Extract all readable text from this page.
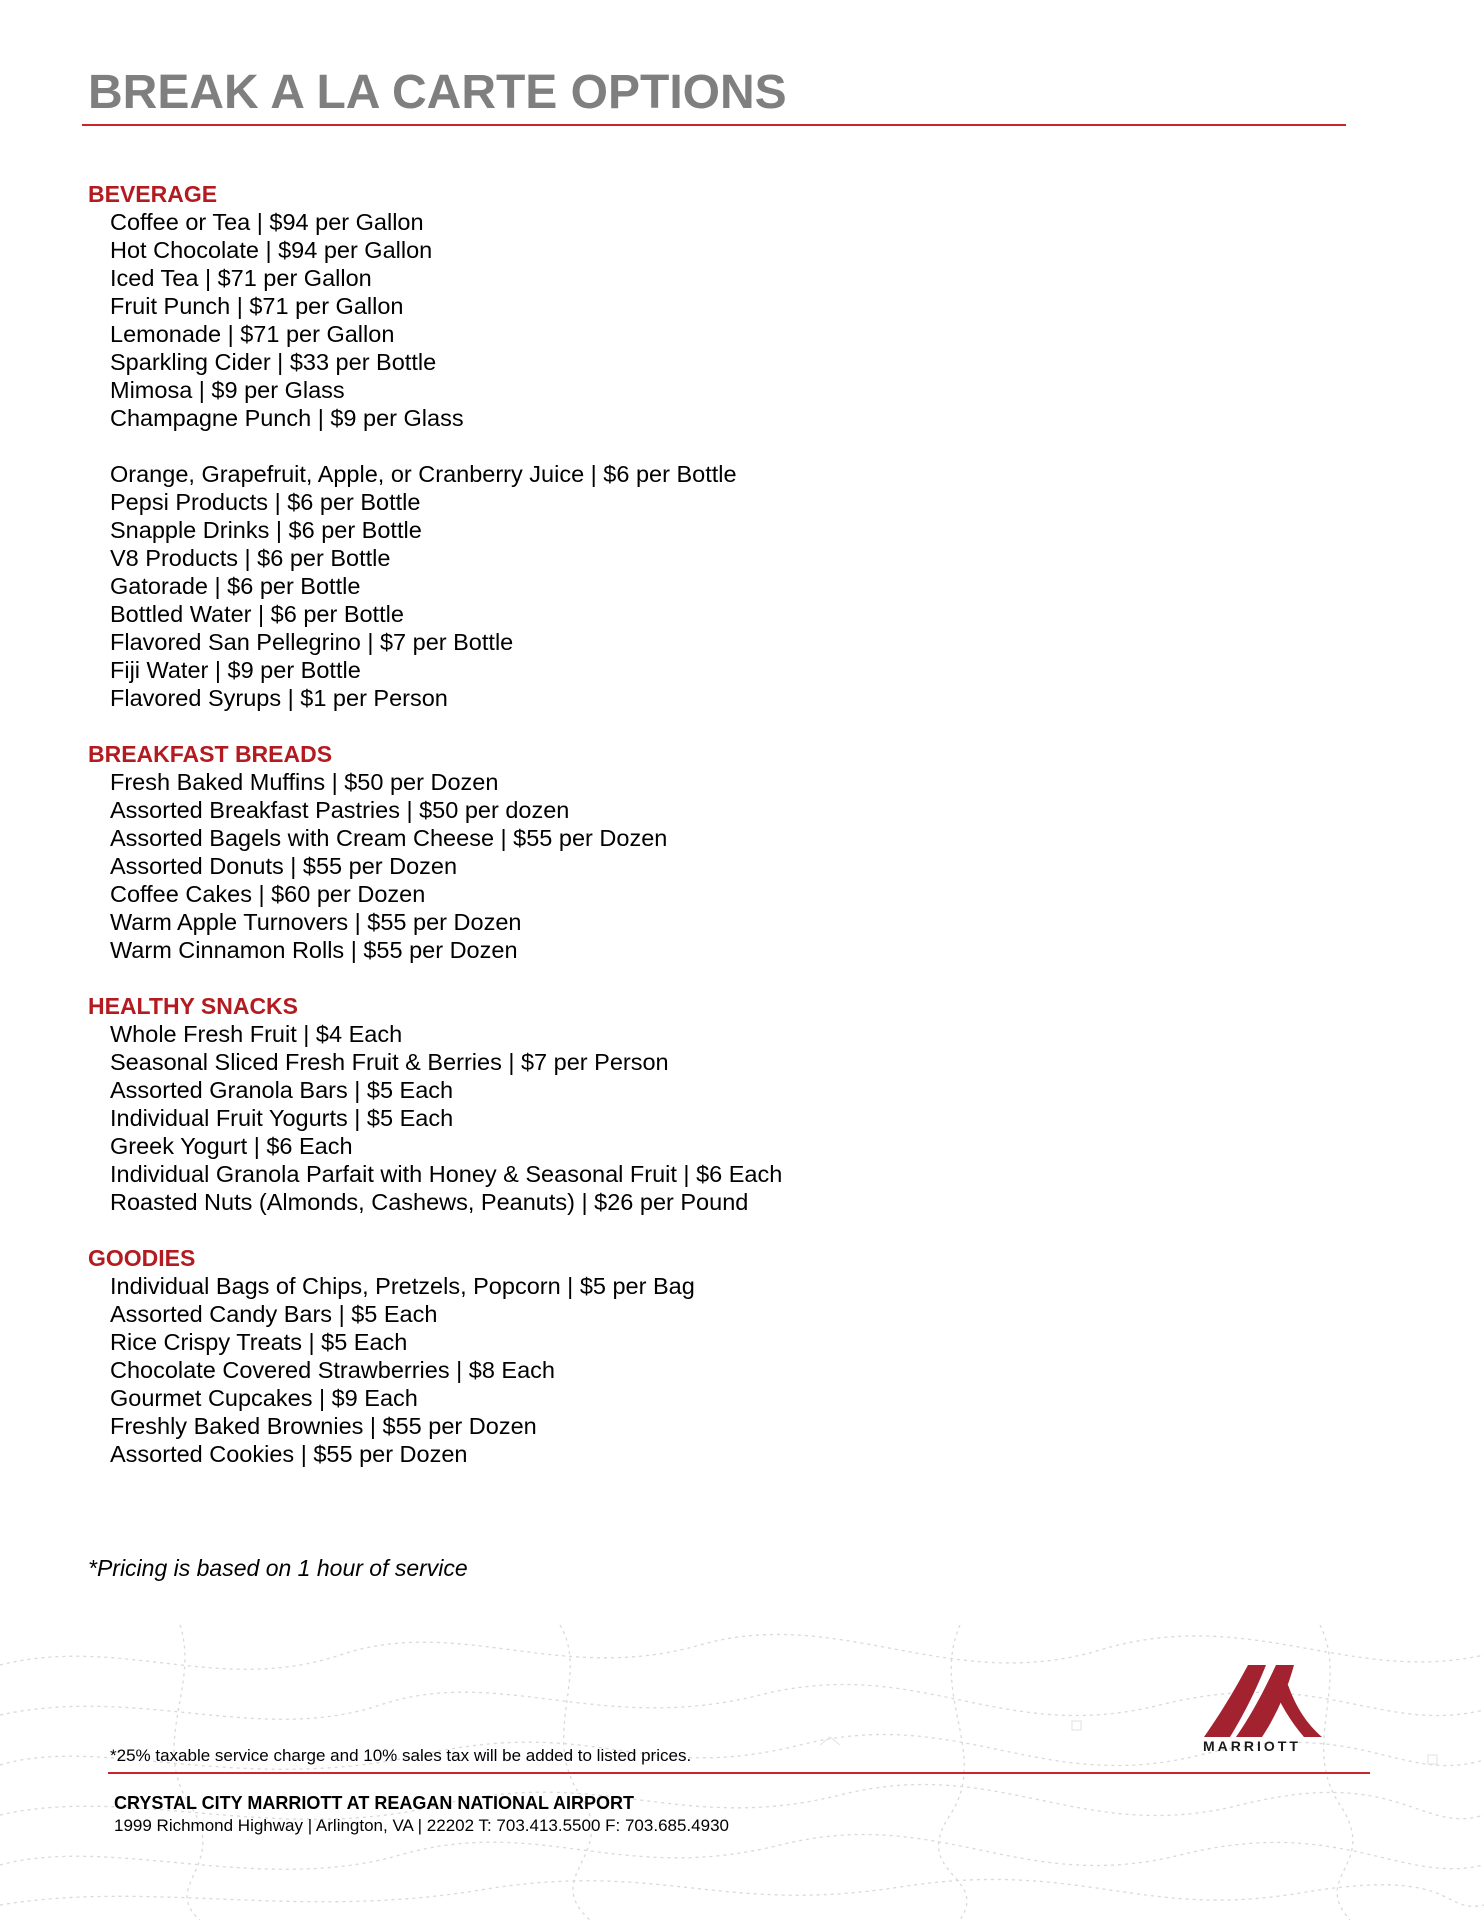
BREAK A LA CARTE OPTIONS
BEVERAGE
Coffee or Tea | $94 per Gallon
Hot Chocolate | $94 per Gallon
Iced Tea | $71 per Gallon
Fruit Punch | $71 per Gallon
Lemonade | $71 per Gallon
Sparkling Cider | $33 per Bottle
Mimosa | $9 per Glass
Champagne Punch | $9 per Glass
Orange, Grapefruit, Apple, or Cranberry Juice | $6 per Bottle
Pepsi Products | $6 per Bottle
Snapple Drinks | $6 per Bottle
V8 Products | $6 per Bottle
Gatorade | $6 per Bottle
Bottled Water | $6 per Bottle
Flavored San Pellegrino | $7 per Bottle
Fiji Water | $9 per Bottle
Flavored Syrups | $1 per Person
BREAKFAST BREADS
Fresh Baked Muffins | $50 per Dozen
Assorted Breakfast Pastries | $50 per dozen
Assorted Bagels with Cream Cheese | $55 per Dozen
Assorted Donuts | $55 per Dozen
Coffee Cakes | $60 per Dozen
Warm Apple Turnovers | $55 per Dozen
Warm Cinnamon Rolls | $55 per Dozen
HEALTHY SNACKS
Whole Fresh Fruit | $4 Each
Seasonal Sliced Fresh Fruit & Berries | $7 per Person
Assorted Granola Bars | $5 Each
Individual Fruit Yogurts | $5 Each
Greek Yogurt | $6 Each
Individual Granola Parfait with Honey & Seasonal Fruit | $6 Each
Roasted Nuts (Almonds, Cashews, Peanuts) | $26 per Pound
GOODIES
Individual Bags of Chips, Pretzels, Popcorn | $5 per Bag
Assorted Candy Bars | $5 Each
Rice Crispy Treats | $5 Each
Chocolate Covered Strawberries | $8 Each
Gourmet Cupcakes | $9 Each
Freshly Baked Brownies | $55 per Dozen
Assorted Cookies | $55 per Dozen
*Pricing is based on 1 hour of service
MARRIOTT
*25% taxable service charge and 10% sales tax will be added to listed prices.
CRYSTAL CITY MARRIOTT AT REAGAN NATIONAL AIRPORT
1999 Richmond Highway | Arlington, VA | 22202 T: 703.413.5500 F: 703.685.4930
